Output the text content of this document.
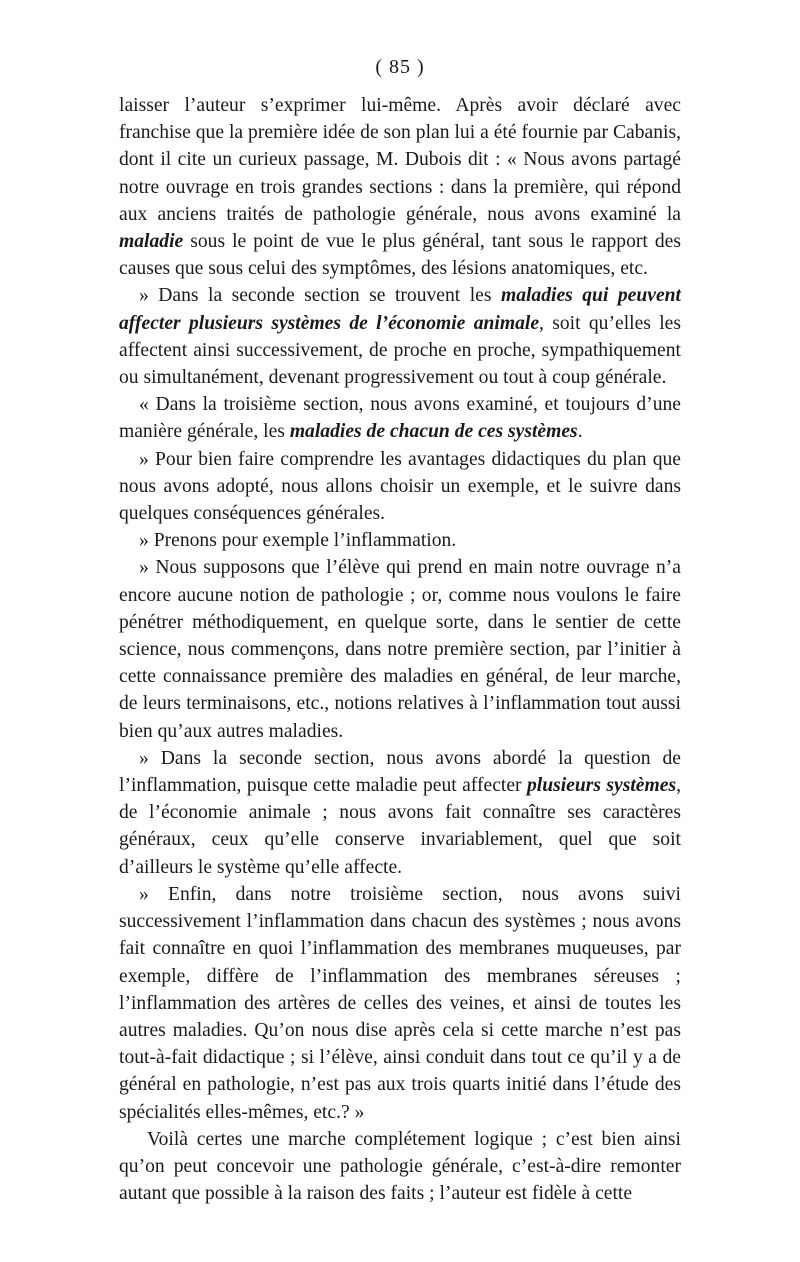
( 85 )

laisser l’auteur s’exprimer lui-même. Après avoir déclaré avec franchise que la première idée de son plan lui a été fournie par Cabanis, dont il cite un curieux passage, M. Dubois dit : « Nous avons partagé notre ouvrage en trois grandes sections : dans la première, qui répond aux anciens traités de pathologie générale, nous avons examiné la maladie sous le point de vue le plus général, tant sous le rapport des causes que sous celui des symptômes, des lésions anatomiques, etc.

» Dans la seconde section se trouvent les maladies qui peuvent affecter plusieurs systèmes de l’économie animale, soit qu’elles les affectent ainsi successivement, de proche en proche, sympathiquement ou simultanément, devenant progressivement ou tout à coup générale.

« Dans la troisième section, nous avons examiné, et toujours d’une manière générale, les maladies de chacun de ces systèmes.

» Pour bien faire comprendre les avantages didactiques du plan que nous avons adopté, nous allons choisir un exemple, et le suivre dans quelques conséquences générales.

» Prenons pour exemple l’inflammation.

» Nous supposons que l’élève qui prend en main notre ouvrage n’a encore aucune notion de pathologie ; or, comme nous voulons le faire pénétrer méthodiquement, en quelque sorte, dans le sentier de cette science, nous commençons, dans notre première section, par l’initier à cette connaissance première des maladies en général, de leur marche, de leurs terminaisons, etc., notions relatives à l’inflammation tout aussi bien qu’aux autres maladies.

» Dans la seconde section, nous avons abordé la question de l’inflammation, puisque cette maladie peut affecter plusieurs systèmes, de l’économie animale ; nous avons fait connaître ses caractères généraux, ceux qu’elle conserve invariablement, quel que soit d’ailleurs le système qu’elle affecte.

» Enfin, dans notre troisième section, nous avons suivi successivement l’inflammation dans chacun des systèmes ; nous avons fait connaître en quoi l’inflammation des membranes muqueuses, par exemple, diffère de l’inflammation des membranes séreuses ; l’inflammation des artères de celles des veines, et ainsi de toutes les autres maladies. Qu’on nous dise après cela si cette marche n’est pas tout-à-fait didactique ; si l’élève, ainsi conduit dans tout ce qu’il y a de général en pathologie, n’est pas aux trois quarts initié dans l’étude des spécialités elles-mêmes, etc.? »

Voilà certes une marche complétement logique ; c’est bien ainsi qu’on peut concevoir une pathologie générale, c’est-à-dire remonter autant que possible à la raison des faits ; l’auteur est fidèle à cette
